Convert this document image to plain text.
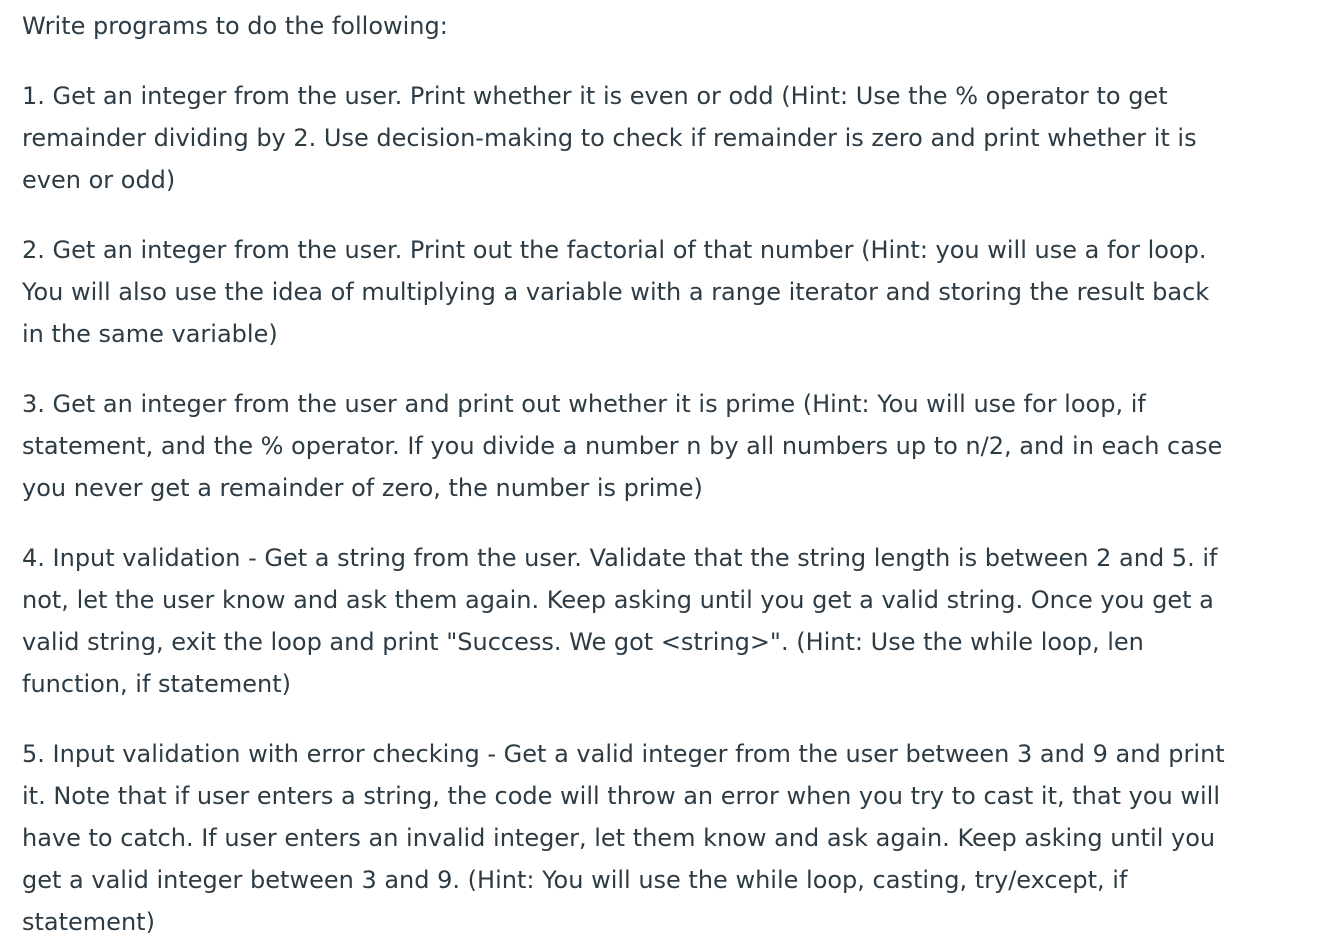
Write programs to do the following:

1. Get an integer from the user. Print whether it is even or odd (Hint: Use the % operator to get
remainder dividing by 2. Use decision-making to check if remainder is zero and print whether it is
even or odd)

2. Get an integer from the user. Print out the factorial of that number (Hint: you will use a for loop.
You will also use the idea of multiplying a variable with a range iterator and storing the result back
in the same variable)

3. Get an integer from the user and print out whether it is prime (Hint: You will use for loop, if
statement, and the % operator. If you divide a number n by all numbers up to n/2, and in each case
you never get a remainder of zero, the number is prime)

4. Input validation - Get a string from the user. Validate that the string length is between 2 and 5. if
not, let the user know and ask them again. Keep asking until you get a valid string. Once you get a
valid string, exit the loop and print "Success. We got <string>". (Hint: Use the while loop, len
function, if statement)

5. Input validation with error checking - Get a valid integer from the user between 3 and 9 and print
it. Note that if user enters a string, the code will throw an error when you try to cast it, that you will
have to catch. If user enters an invalid integer, let them know and ask again. Keep asking until you
get a valid integer between 3 and 9. (Hint: You will use the while loop, casting, try/except, if
statement)
